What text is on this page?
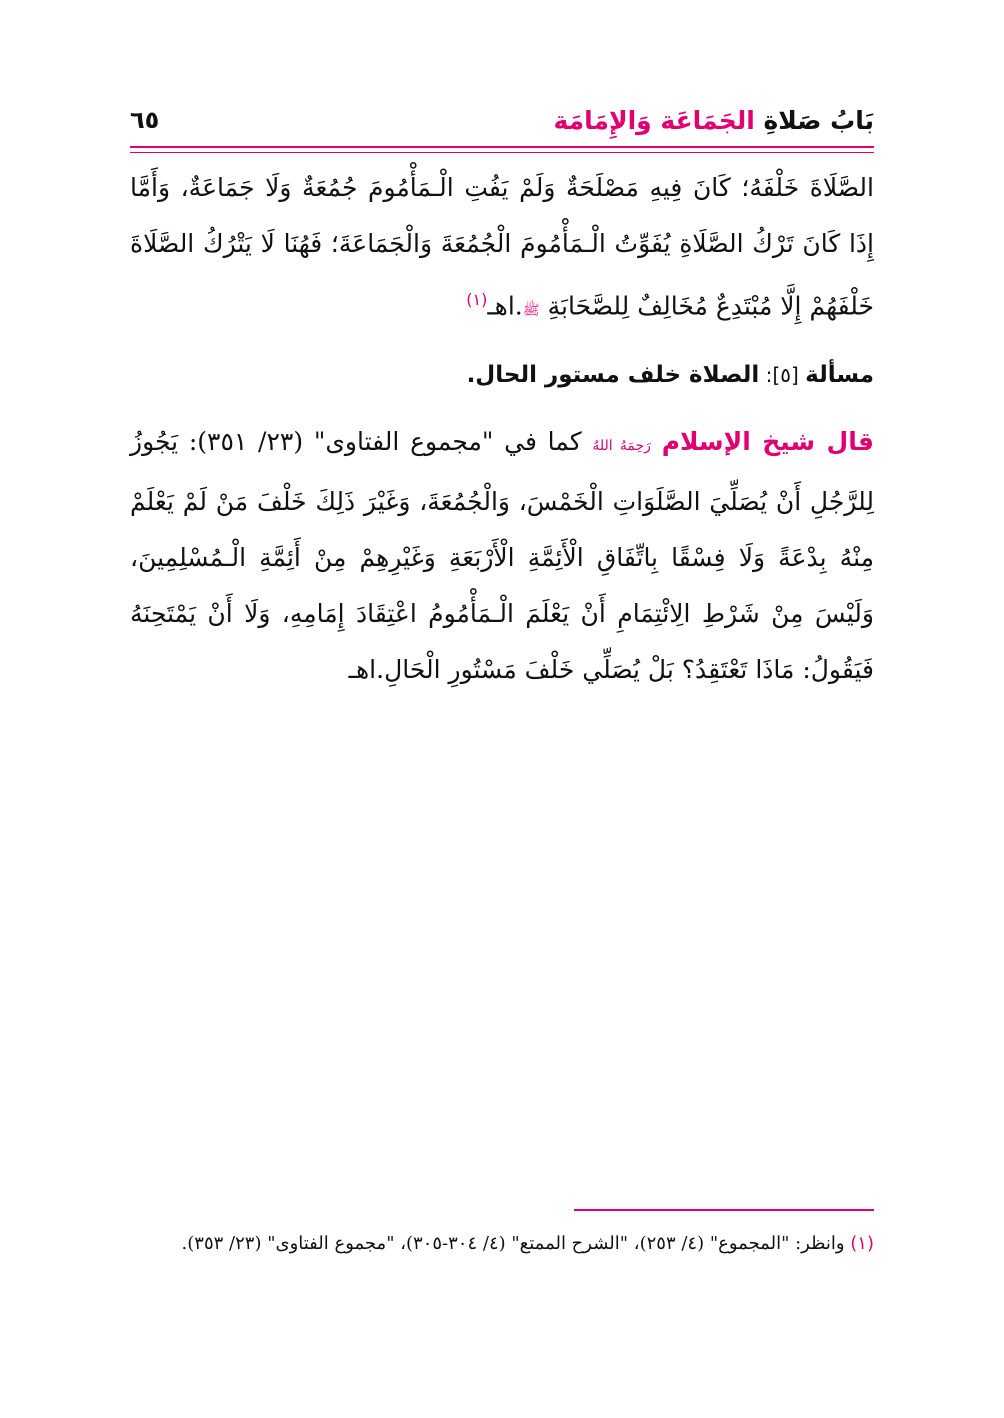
بَابُ صَلاةِ الجَمَاعَة وَالإِمَامَة
٦٥

الصَّلَاةَ خَلْفَهُ؛ كَانَ فِيهِ مَصْلَحَةٌ وَلَمْ يَفُتِ الْـمَأْمُومَ جُمُعَةٌ وَلَا جَمَاعَةٌ، وَأَمَّا إِذَا كَانَ تَرْكُ الصَّلَاةِ يُفَوِّتُ الْـمَأْمُومَ الْجُمُعَةَ وَالْجَمَاعَةَ؛ فَهُنَا لَا يَتْرُكُ الصَّلَاةَ خَلْفَهُمْ إِلَّا مُبْتَدِعٌ مُخَالِفٌ لِلصَّحَابَةِ ﷺ.اهـ$^{(١)}$

مسألة [٥]: الصلاة خلف مستور الحال.

قال شيخ الإسلام رَحِمَهُ اللهُ كما في "مجموع الفتاوى" (٢٣/ ٣٥١): يَجُوزُ لِلرَّجُلِ أَنْ يُصَلِّيَ الصَّلَوَاتِ الْخَمْسَ، وَالْجُمُعَةَ، وَغَيْرَ ذَلِكَ خَلْفَ مَنْ لَمْ يَعْلَمْ مِنْهُ بِدْعَةً وَلَا فِسْقًا بِاتِّفَاقِ الْأَئِمَّةِ الْأَرْبَعَةِ وَغَيْرِهِمْ مِنْ أَئِمَّةِ الْـمُسْلِمِينَ، وَلَيْسَ مِنْ شَرْطِ الِائْتِمَامِ أَنْ يَعْلَمَ الْـمَأْمُومُ اعْتِقَادَ إِمَامِهِ، وَلَا أَنْ يَمْتَحِنَهُ فَيَقُولُ: مَاذَا تَعْتَقِدُ؟ بَلْ يُصَلِّي خَلْفَ مَسْتُورِ الْحَالِ.اهـ

(١) وانظر: "المجموع" (٤/ ٢٥٣)، "الشرح الممتع" (٤/ ٣٠٤-٣٠٥)، "مجموع الفتاوى" (٢٣/ ٣٥٣).
